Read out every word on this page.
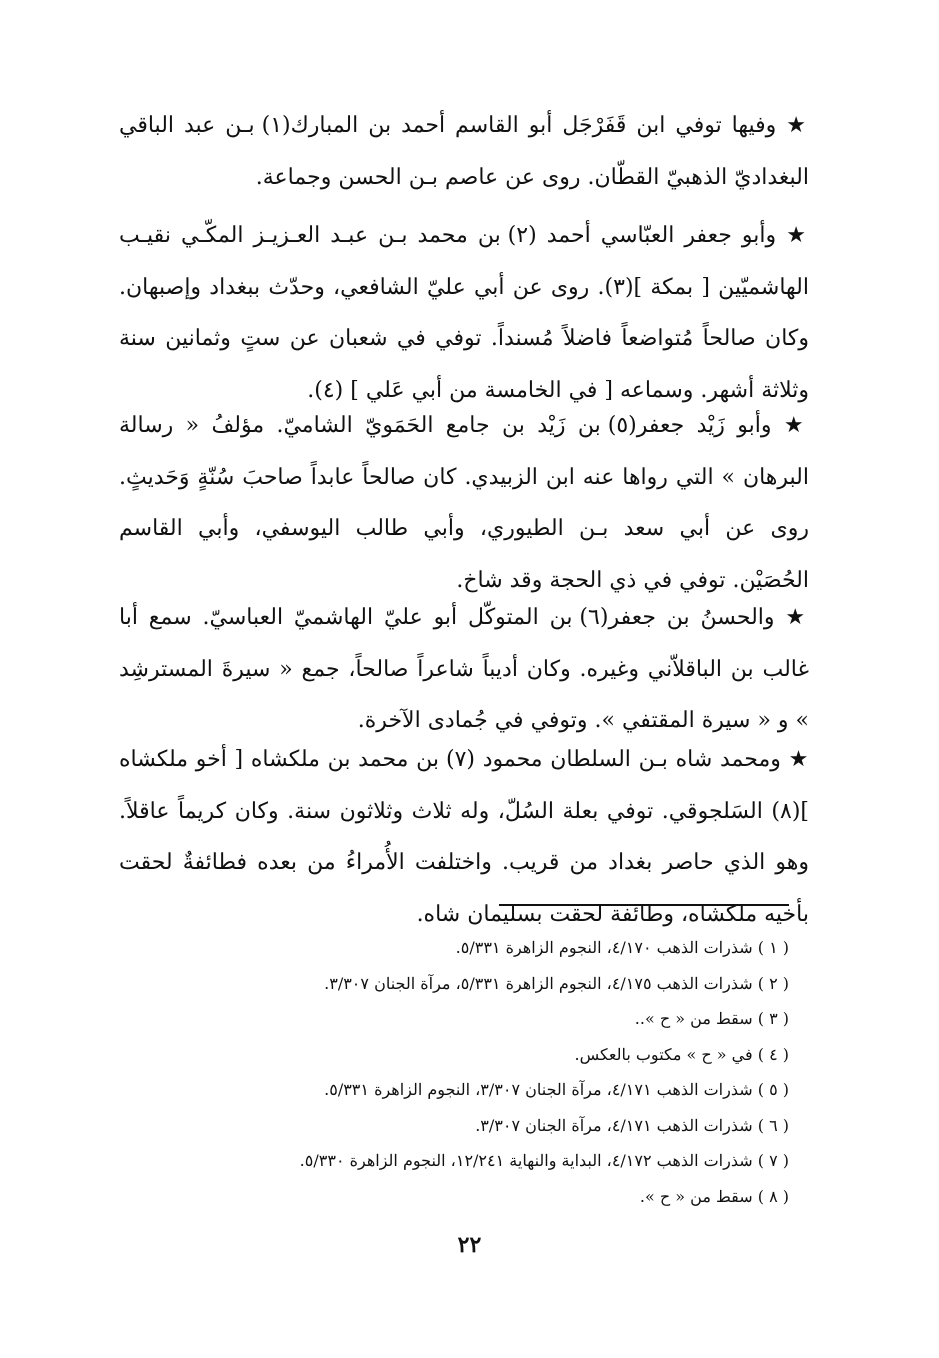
★ وفيها توفي ابن قَفَرْجَل أبو القاسم أحمد بن المبارك(١) بـن عبد الباقي البغداديّ الذهبيّ القطّان. روى عن عاصم بـن الحسن وجماعة.

★ وأبو جعفر العبّاسي أحمد (٢) بن محمد بـن عبـد العـزيـز المكّـي نقيـب الهاشميّين [ بمكة ](٣). روى عن أبي عليّ الشافعي، وحدّث ببغداد وإصبهان. وكان صالحاً مُتواضعاً فاضلاً مُسنداً. توفي في شعبان عن ستٍ وثمانين سنة وثلاثة أشهر. وسماعه [ في الخامسة من أبي عَلي ] (٤).

★ وأبو زَيْد جعفر(٥) بن زَيْد بن جامع الحَمَويّ الشاميّ. مؤلفُ « رسالة البرهان » التي رواها عنه ابن الزبيدي. كان صالحاً عابداً صاحبَ سُنّةٍ وَحَديثٍ. روى عن أبي سعد بـن الطيوري، وأبي طالب اليوسفي، وأبي القاسم الحُصَيْن. توفي في ذي الحجة وقد شاخ.

★ والحسنُ بن جعفر(٦) بن المتوكّل أبو عليّ الهاشميّ العباسيّ. سمع أبا غالب بن الباقلاّني وغيره. وكان أديباً شاعراً صالحاً، جمع « سيرةَ المسترشِد » و « سيرة المقتفي ». وتوفي في جُمادى الآخرة.

★ ومحمد شاه بـن السلطان محمود (٧) بن محمد بن ملكشاه [ أخو ملكشاه ](٨) السَلجوقي. توفي بعلة السُلّ، وله ثلاث وثلاثون سنة. وكان كريماً عاقلاً. وهو الذي حاصر بغداد من قريب. واختلفت الأُمراءُ من بعده فطائفةٌ لحقت بأخيه ملكشاه، وطائفة لحقت بسليمان شاه.

( ١ ) شذرات الذهب ٤/١٧٠، النجوم الزاهرة ٥/٣٣١.
( ٢ ) شذرات الذهب ٤/١٧٥، النجوم الزاهرة ٥/٣٣١، مرآة الجنان ٣/٣٠٧.
( ٣ ) سقط من « ح »..
( ٤ ) في « ح » مكتوب بالعكس.
( ٥ ) شذرات الذهب ٤/١٧١، مرآة الجنان ٣/٣٠٧، النجوم الزاهرة ٥/٣٣١.
( ٦ ) شذرات الذهب ٤/١٧١، مرآة الجنان ٣/٣٠٧.
( ٧ ) شذرات الذهب ٤/١٧٢، البداية والنهاية ١٢/٢٤١، النجوم الزاهرة ٥/٣٣٠.
( ٨ ) سقط من « ح ».
٢٢
